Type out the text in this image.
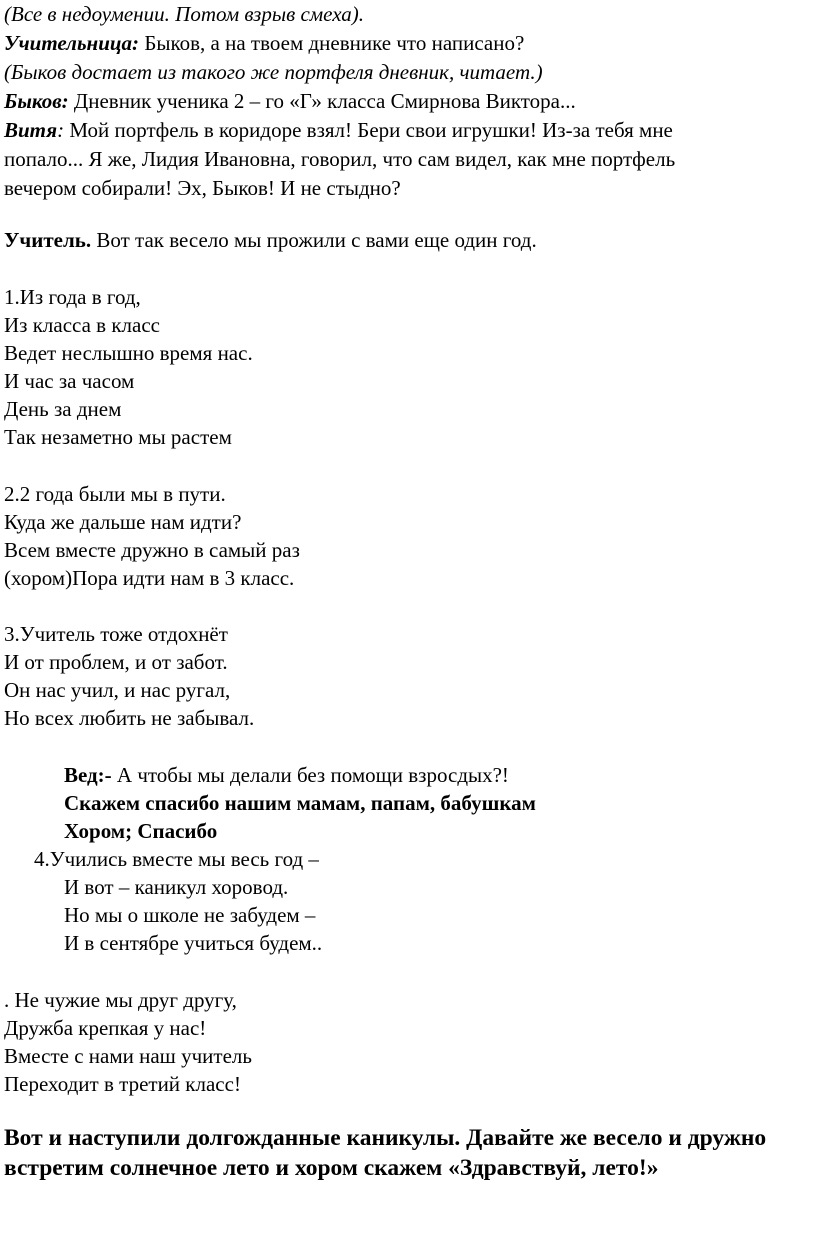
(Все в недоумении. Потом взрыв смеха).

Учительница: Быков, а на твоем дневнике что написано?

(Быков достает из такого же портфеля дневник, читает.)

Быков: Дневник ученика 2 – го «Г» класса Смирнова Виктора...

Витя: Мой портфель в коридоре взял! Бери свои игрушки! Из-за тебя мне

попало... Я же, Лидия Ивановна, говорил, что сам видел, как мне портфель

вечером собирали! Эх, Быков! И не стыдно?

Учитель. Вот так весело мы прожили с вами еще один год.

1.Из года в год,

Из класса в класс

Ведет неслышно время нас.

И час за часом

День за днем

Так незаметно мы растем

2.2 года были мы в пути.

Куда же дальше нам идти?

Всем вместе дружно в самый раз

(хором)Пора идти нам в 3 класс.

3.Учитель тоже отдохнёт

И от проблем, и от забот.

Он нас учил, и нас ругал,

Но всех любить не забывал.

Вед:- А чтобы мы делали без помощи взросдых?!

Скажем спасибо нашим мамам, папам, бабушкам

Хором; Спасибо

4.Учились вместе мы весь год –

И вот – каникул хоровод.

Но мы о школе не забудем –

И в сентябре учиться будем..

. Не чужие мы друг другу,

Дружба крепкая у нас!

Вместе с нами наш учитель

Переходит в третий класс!

Вот и наступили долгожданные каникулы. Давайте же весело и дружно встретим солнечное лето и хором скажем «Здравствуй, лето!»
